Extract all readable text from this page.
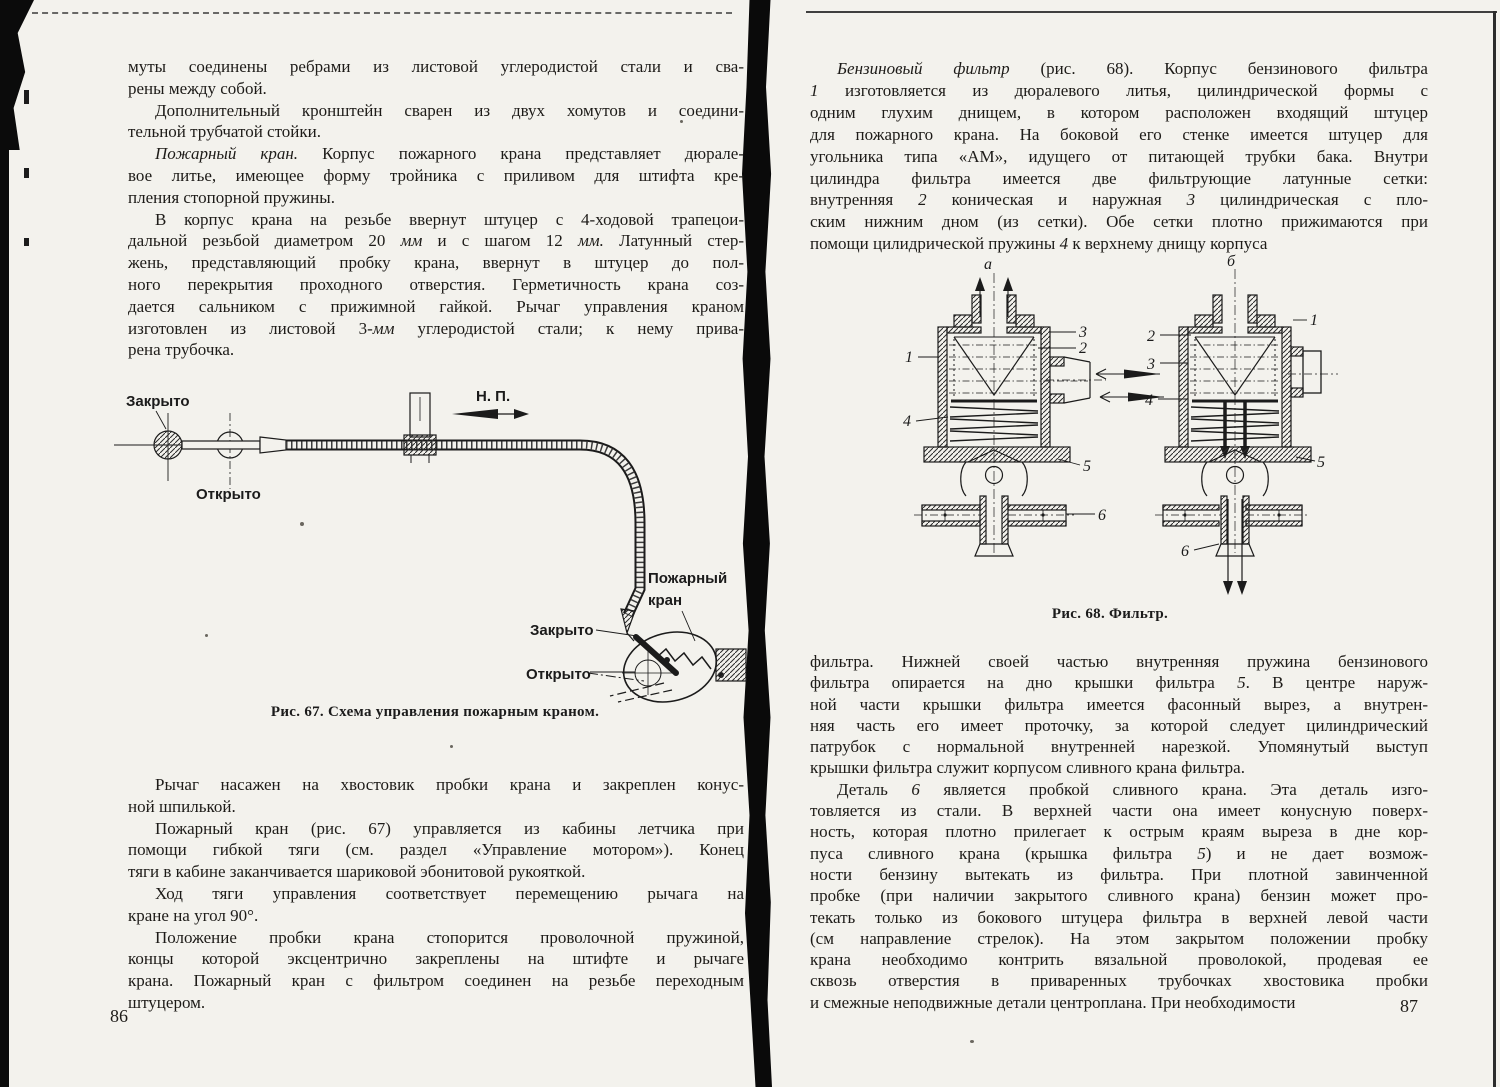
муты соединены ребрами из листовой углеродистой стали и сва-
рены между собой.
Дополнительный кронштейн сварен из двух хомутов и соедини-
тельной трубчатой стойки.
Пожарный кран. Корпус пожарного крана представляет дюрале-
вое литье, имеющее форму тройника с приливом для штифта кре-
пления стопорной пружины.
В корпус крана на резьбе ввернут штуцер с 4-ходовой трапецои-
дальной резьбой диаметром 20 мм и с шагом 12 мм. Латунный стер-
жень, представляющий пробку крана, ввернут в штуцер до пол-
ного перекрытия проходного отверстия. Герметичность крана соз-
дается сальником с прижимной гайкой. Рычаг управления краном
изготовлен из листовой 3-мм углеродистой стали; к нему прива-
рена трубочка.
Закрыто
Открыто
Н. П.
Пожарный
кран
Закрыто
Открыто
Рис. 67. Схема управления пожарным краном.
Рычаг насажен на хвостовик пробки крана и закреплен конус-
ной шпилькой.
Пожарный кран (рис. 67) управляется из кабины летчика при
помощи гибкой тяги (см. раздел «Управление мотором»). Конец
тяги в кабине заканчивается шариковой эбонитовой рукояткой.
Ход тяги управления соответствует перемещению рычага на
кране на угол 90°.
Положение пробки крана стопорится проволочной пружиной,
концы которой эксцентрично закреплены на штифте и рычаге
крана. Пожарный кран с фильтром соединен на резьбе переходным
штуцером.
86
Бензиновый фильтр (рис. 68). Корпус бензинового фильтра
1 изготовляется из дюралевого литья, цилиндрической формы с
одним глухим днищем, в котором расположен входящий штуцер
для пожарного крана. На боковой его стенке имеется штуцер для
угольника типа «АМ», идущего от питающей трубки бака. Внутри
цилиндра фильтра имеется две фильтрующие латунные сетки:
внутренняя 2 коническая и наружная 3 цилиндрическая с пло-
ским нижним дном (из сетки). Обе сетки плотно прижимаются при
помощи цилидрической пружины 4 к верхнему днищу корпуса
а	б
3
2
1
4
5
6
2
3
4
1
5
6
Рис. 68. Фильтр.
фильтра. Нижней своей частью внутренняя пружина бензинового
фильтра опирается на дно крышки фильтра 5. В центре наруж-
ной части крышки фильтра имеется фасонный вырез, а внутрен-
няя часть его имеет проточку, за которой следует цилиндрический
патрубок с нормальной внутренней нарезкой. Упомянутый выступ
крышки фильтра служит корпусом сливного крана фильтра.
Деталь 6 является пробкой сливного крана. Эта деталь изго-
товляется из стали. В верхней части она имеет конусную поверх-
ность, которая плотно прилегает к острым краям выреза в дне кор-
пуса сливного крана (крышка фильтра 5) и не дает возмож-
ности бензину вытекать из фильтра. При плотной завинченной
пробке (при наличии закрытого сливного крана) бензин может про-
текать только из бокового штуцера фильтра в верхней левой части
(см направление стрелок). На этом закрытом положении пробку
крана необходимо контрить вязальной проволокой, продевая ее
сквозь отверстия в приваренных трубочках хвостовика пробки
и смежные неподвижные детали центроплана. При необходимости	87
